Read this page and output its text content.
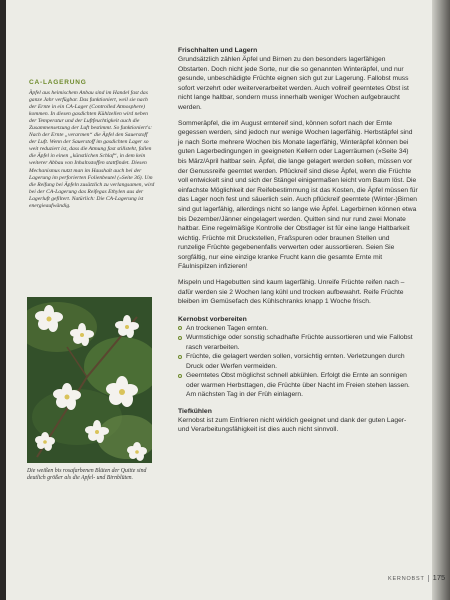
CA-LAGERUNG

Äpfel aus heimischem Anbau sind im Handel fast das ganze Jahr verfügbar. Das funktioniert, weil sie nach der Ernte in ein CA-Lager (Controlled Atmosphere) kommen. In diesen gasdichten Kühlzellen wird neben der Temperatur und der Luftfeuchtigkeit auch die Zusammensetzung der Luft bestimmt. So funktioniert's: Nach der Ernte „verarmen“ die Äpfel den Sauerstoff der Luft. Wenn der Sauerstoff im gasdichten Lager so weit reduziert ist, dass die Atmung fast stillsteht, fallen die Äpfel in einen „künstlichen Schlaf“, in dem kein weiterer Abbau von Inhaltsstoffen stattfindet. Diesen Mechanismus nutzt man im Haushalt auch bei der Lagerung im perforierten Folienbeutel (»Seite 36). Um die Reifung bei Äpfeln zusätzlich zu verlangsamen, wird bei der CA-Lagerung das Reifegas Ethylen aus der Lagerluft gefiltert. Natürlich: Die CA-Lagerung ist energieaufwändig.

Die weißen bis rosafarbenen Blüten der Quitte sind deutlich größer als die Apfel- und Birnblüten.

Frischhalten und Lagern

Grundsätzlich zählen Äpfel und Birnen zu den besonders lagerfähigen Obstarten. Doch nicht jede Sorte, nur die so genannten Winteräpfel, und nur gesunde, unbeschädigte Früchte eignen sich gut zur Lagerung. Fallobst muss sofort verzehrt oder weiterverarbeitet werden. Auch vollreif geerntetes Obst ist nicht lange haltbar, sondern muss innerhalb weniger Wochen aufgebraucht werden.

Sommeräpfel, die im August erntereif sind, können sofort nach der Ernte gegessen werden, sind jedoch nur wenige Wochen lagerfähig. Herbstäpfel sind je nach Sorte mehrere Wochen bis Monate lagerfähig, Winteräpfel können bei guten Lagerbedingungen in geeigneten Kellern oder Lagerräumen (»Seite 34) bis März/April haltbar sein. Äpfel, die lange gelagert werden sollen, müssen vor der Genussreife geerntet werden. Pflückreif sind diese Äpfel, wenn die Früchte voll entwickelt sind und sich der Stängel einigermaßen leicht vom Baum löst. Die einfachste Möglichkeit der Reifebestimmung ist das Kosten, die Äpfel müssen für das Lager noch fest und säuerlich sein. Auch pflückreif geerntete (Winter-)Birnen sind gut lagerfähig, allerdings nicht so lange wie Äpfel. Lagerbirnen können etwa bis Dezember/Jänner eingelagert werden. Quitten sind nur rund zwei Monate haltbar. Eine regelmäßige Kontrolle der Obstlager ist für eine lange Haltbarkeit wichtig. Früchte mit Druckstellen, Fraßspuren oder braunen Stellen und runzelige Früchte gegebenenfalls verwerten oder aussortieren. Seien Sie sorgfältig, nur eine einzige kranke Frucht kann die gesamte Ernte mit Fäulnispilzen infizieren!

Mispeln und Hagebutten sind kaum lagerfähig. Unreife Früchte reifen nach – dafür werden sie 2 Wochen lang kühl und trocken aufbewahrt. Reife Früchte bleiben im Gemüsefach des Kühlschranks knapp 1 Woche frisch.

Kernobst vorbereiten
An trockenen Tagen ernten.
Wurmstichige oder sonstig schadhafte Früchte aussortieren und wie Fallobst rasch verarbeiten.
Früchte, die gelagert werden sollen, vorsichtig ernten. Verletzungen durch Druck oder Werfen vermeiden.
Geerntetes Obst möglichst schnell abkühlen. Erfolgt die Ernte an sonnigen oder warmen Herbsttagen, die Früchte über Nacht im Freien stehen lassen. Am nächsten Tag in der Früh einlagern.
Tiefkühlen

Kernobst ist zum Einfrieren nicht wirklich geeignet und dank der guten Lager- und Verarbeitungsfähigkeit ist dies auch nicht sinnvoll.

KERNOBST 175
